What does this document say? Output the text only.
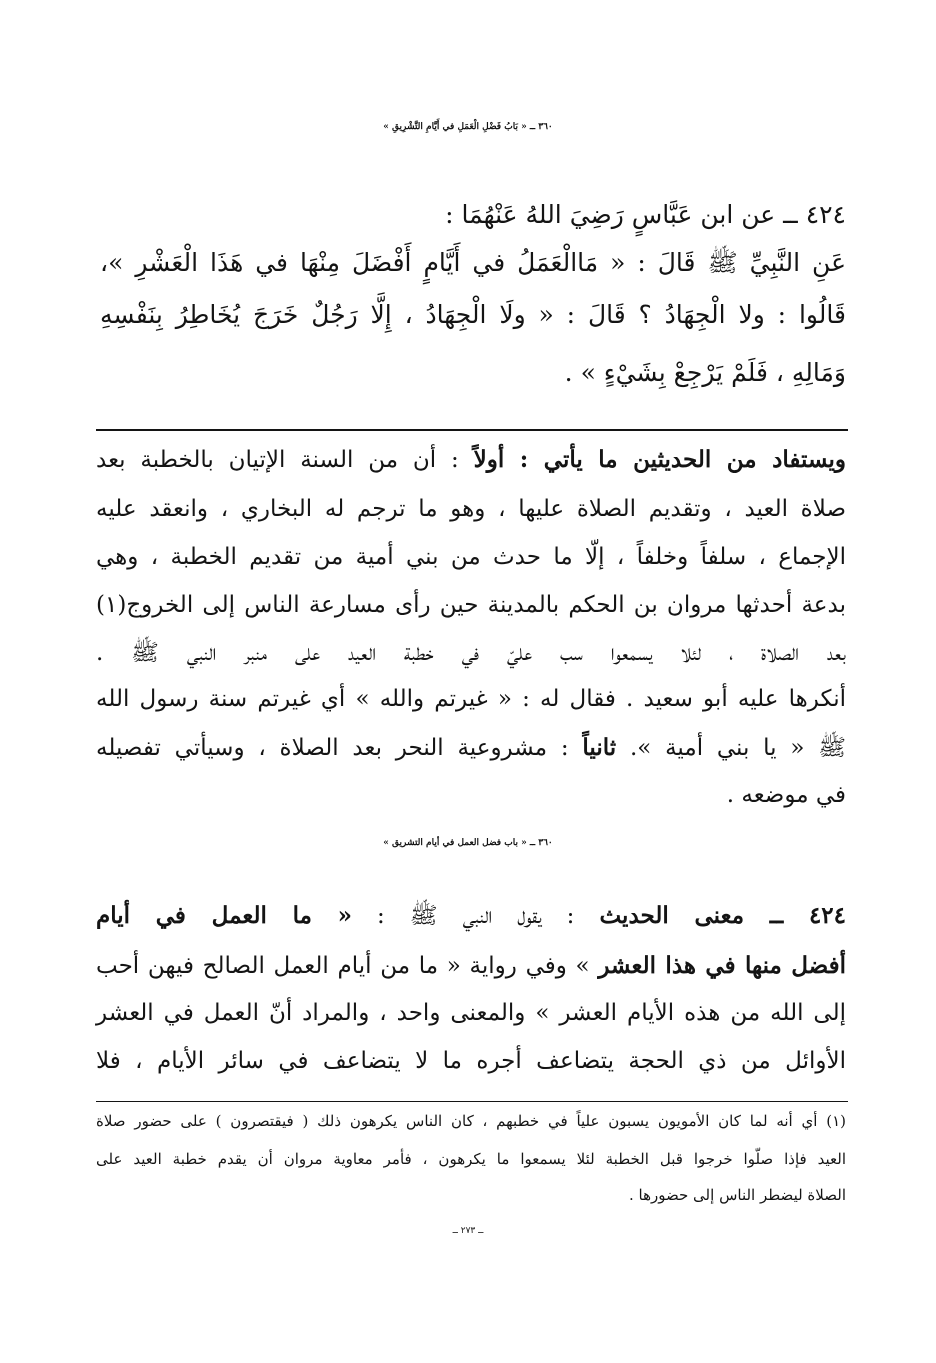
٣٦٠ ــ « بَابُ فَضْلِ الْعَمَلِ في أَيَّامِ التَّشْرِيقِ »
٤٢٤ ــ عن ابن عَبَّاسٍ رَضِيَ اللهُ عَنْهُمَا :
عَنِ النَّبِيِّ ﷺ قَالَ : « مَاالْعَمَلُ في أَيَّامٍ أَفْضَلَ مِنْهَا في هَذَا الْعَشْرِ »،
قَالُوا : ولا الْجِهَادُ ؟ قَالَ : « ولَا الْجِهَادُ ، إِلَّا رَجُلٌ خَرَجَ يُخَاطِرُ بِنَفْسِهِ
وَمَالِهِ ، فَلَمْ يَرْجِعْ بِشَيْءٍ » .
ويستفاد من الحديثين ما يأتي : أولاً : أن من السنة الإتيان بالخطبة بعد
صلاة العيد ، وتقديم الصلاة عليها ، وهو ما ترجم له البخاري ، وانعقد عليه
الإجماع ، سلفاً وخلفاً ، إلّا ما حدث من بني أمية من تقديم الخطبة ، وهي
بدعة أحدثها مروان بن الحكم بالمدينة حين رأى مسارعة الناس إلى الخروج(١)
بعد الصلاة ، لئلا يسمعوا سب عليّ في خطبة العيد على منبر النبي ﷺ .
أنكرها عليه أبو سعيد . فقال له : « غيرتم والله » أي غيرتم سنة رسول الله
ﷺ « يا بني أمية ». ثانياً : مشروعية النحر بعد الصلاة ، وسيأتي تفصيله
في موضعه .
٣٦٠ ــ « باب فضل العمل في أيام التشريق »
٤٢٤ ــ معنى الحديث : يقول النبي ﷺ : « ما العمل في أيام
أفضل منها في هذا العشر » وفي رواية « ما من أيام العمل الصالح فيهن أحب
إلى الله من هذه الأيام العشر » والمعنى واحد ، والمراد أنّ العمل في العشر
الأوائل من ذي الحجة يتضاعف أجره ما لا يتضاعف في سائر الأيام ، فلا
(١) أي أنه لما كان الأمويون يسبون علياً في خطبهم ، كان الناس يكرهون ذلك ( فيقتصرون ) على حضور صلاة
العيد فإذا صلّوا خرجوا قبل الخطبة لئلا يسمعوا ما يكرهون ، فأمر معاوية مروان أن يقدم خطبة العيد على
الصلاة ليضطر الناس إلى حضورها .
ــ ٢٧٣ ــ
